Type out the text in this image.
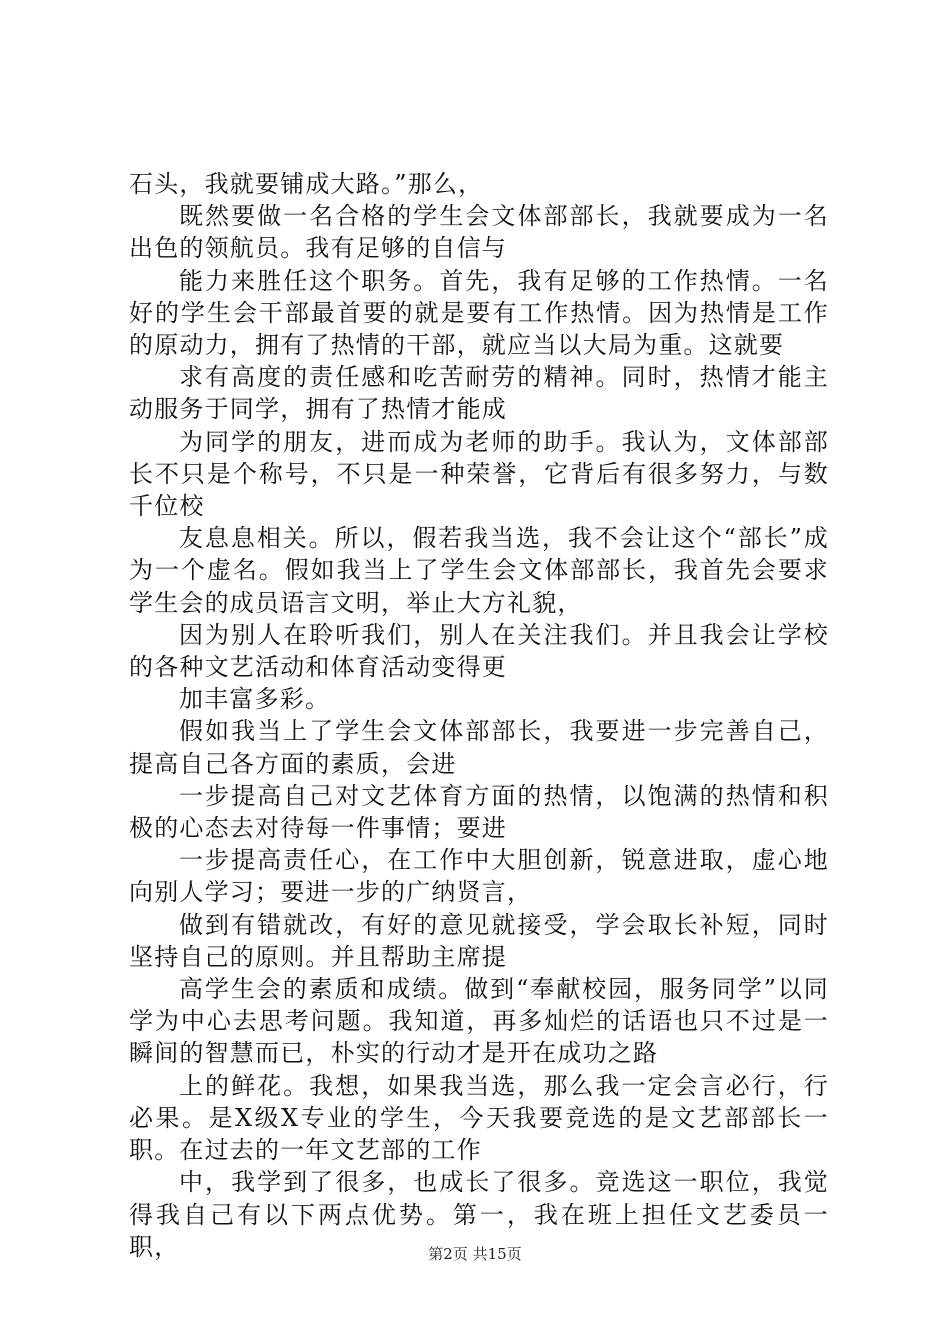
石头，我就要铺成大路。”那么，

既然要做一名合格的学生会文体部部长，我就要成为一名出色的领航员。我有足够的自信与

能力来胜任这个职务。首先，我有足够的工作热情。一名好的学生会干部最首要的就是要有工作热情。因为热情是工作的原动力，拥有了热情的干部，就应当以大局为重。这就要

求有高度的责任感和吃苦耐劳的精神。同时，热情才能主动服务于同学，拥有了热情才能成

为同学的朋友，进而成为老师的助手。我认为，文体部部长不只是个称号，不只是一种荣誉，它背后有很多努力，与数千位校

友息息相关。所以，假若我当选，我不会让这个“部长”成为一个虚名。假如我当上了学生会文体部部长，我首先会要求学生会的成员语言文明，举止大方礼貌，

因为别人在聆听我们，别人在关注我们。并且我会让学校的各种文艺活动和体育活动变得更

加丰富多彩。

假如我当上了学生会文体部部长，我要进一步完善自己，提高自己各方面的素质，会进

一步提高自己对文艺体育方面的热情，以饱满的热情和积极的心态去对待每一件事情；要进

一步提高责任心，在工作中大胆创新，锐意进取，虚心地向别人学习；要进一步的广纳贤言，

做到有错就改，有好的意见就接受，学会取长补短，同时坚持自己的原则。并且帮助主席提

高学生会的素质和成绩。做到“奉献校园，服务同学”以同学为中心去思考问题。我知道，再多灿烂的话语也只不过是一瞬间的智慧而已，朴实的行动才是开在成功之路

上的鲜花。我想，如果我当选，那么我一定会言必行，行必果。是X级X专业的学生，今天我要竞选的是文艺部部长一职。在过去的一年文艺部的工作

中，我学到了很多，也成长了很多。竞选这一职位，我觉得我自己有以下两点优势。第一，我在班上担任文艺委员一职，	第2页 共15页
